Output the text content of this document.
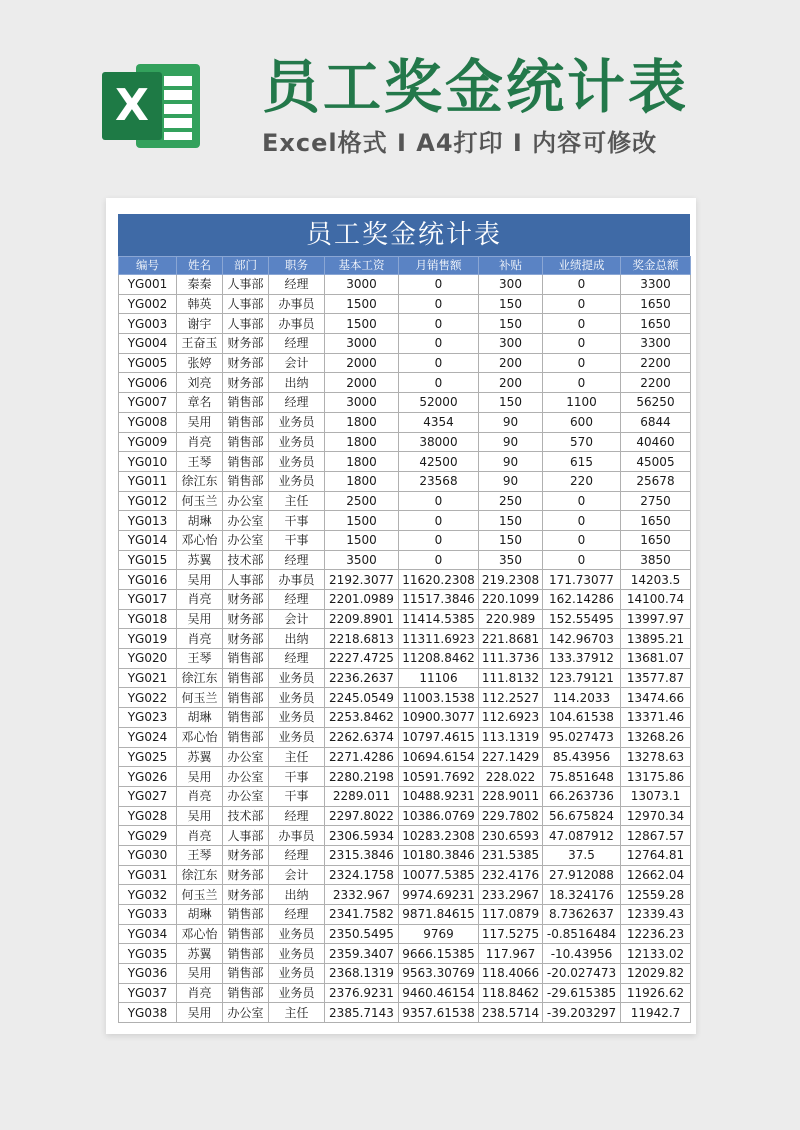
X 员工奖金统计表
Excel格式 I A4打印 I 内容可修改
员工奖金统计表
编号	姓名	部门	职务	基本工资	月销售额	补贴	业绩提成	奖金总额
YG001	秦秦	人事部	经理	3000	0	300	0	3300
YG002	韩英	人事部	办事员	1500	0	150	0	1650
YG003	谢宇	人事部	办事员	1500	0	150	0	1650
YG004	王奋玉	财务部	经理	3000	0	300	0	3300
YG005	张婷	财务部	会计	2000	0	200	0	2200
YG006	刘亮	财务部	出纳	2000	0	200	0	2200
YG007	章名	销售部	经理	3000	52000	150	1100	56250
YG008	吴用	销售部	业务员	1800	4354	90	600	6844
YG009	肖亮	销售部	业务员	1800	38000	90	570	40460
YG010	王琴	销售部	业务员	1800	42500	90	615	45005
YG011	徐江东	销售部	业务员	1800	23568	90	220	25678
YG012	何玉兰	办公室	主任	2500	0	250	0	2750
YG013	胡琳	办公室	干事	1500	0	150	0	1650
YG014	邓心怡	办公室	干事	1500	0	150	0	1650
YG015	苏翼	技术部	经理	3500	0	350	0	3850
YG016	吴用	人事部	办事员	2192.3077	11620.2308	219.2308	171.73077	14203.5
YG017	肖亮	财务部	经理	2201.0989	11517.3846	220.1099	162.14286	14100.74
YG018	吴用	财务部	会计	2209.8901	11414.5385	220.989	152.55495	13997.97
YG019	肖亮	财务部	出纳	2218.6813	11311.6923	221.8681	142.96703	13895.21
YG020	王琴	销售部	经理	2227.4725	11208.8462	111.3736	133.37912	13681.07
YG021	徐江东	销售部	业务员	2236.2637	11106	111.8132	123.79121	13577.87
YG022	何玉兰	销售部	业务员	2245.0549	11003.1538	112.2527	114.2033	13474.66
YG023	胡琳	销售部	业务员	2253.8462	10900.3077	112.6923	104.61538	13371.46
YG024	邓心怡	销售部	业务员	2262.6374	10797.4615	113.1319	95.027473	13268.26
YG025	苏翼	办公室	主任	2271.4286	10694.6154	227.1429	85.43956	13278.63
YG026	吴用	办公室	干事	2280.2198	10591.7692	228.022	75.851648	13175.86
YG027	肖亮	办公室	干事	2289.011	10488.9231	228.9011	66.263736	13073.1
YG028	吴用	技术部	经理	2297.8022	10386.0769	229.7802	56.675824	12970.34
YG029	肖亮	人事部	办事员	2306.5934	10283.2308	230.6593	47.087912	12867.57
YG030	王琴	财务部	经理	2315.3846	10180.3846	231.5385	37.5	12764.81
YG031	徐江东	财务部	会计	2324.1758	10077.5385	232.4176	27.912088	12662.04
YG032	何玉兰	财务部	出纳	2332.967	9974.69231	233.2967	18.324176	12559.28
YG033	胡琳	销售部	经理	2341.7582	9871.84615	117.0879	8.7362637	12339.43
YG034	邓心怡	销售部	业务员	2350.5495	9769	117.5275	-0.8516484	12236.23
YG035	苏翼	销售部	业务员	2359.3407	9666.15385	117.967	-10.43956	12133.02
YG036	吴用	销售部	业务员	2368.1319	9563.30769	118.4066	-20.027473	12029.82
YG037	肖亮	销售部	业务员	2376.9231	9460.46154	118.8462	-29.615385	11926.62
YG038	吴用	办公室	主任	2385.7143	9357.61538	238.5714	-39.203297	11942.7
